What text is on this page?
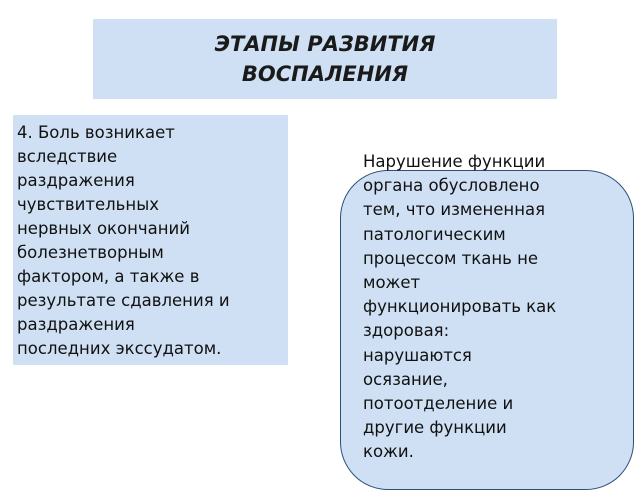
ЭТАПЫ РАЗВИТИЯ ВОСПАЛЕНИЯ
4. Боль возникает
вследствие
раздражения
чувствительных
нервных окончаний
болезнетворным
фактором, а также в
результате сдавления и
раздражения
последних экссудатом.
Нарушение функции
органа обусловлено
тем, что измененная
патологическим
процессом ткань не
может
функционировать как
здоровая:
нарушаются
осязание,
потоотделение и
другие функции
кожи.
